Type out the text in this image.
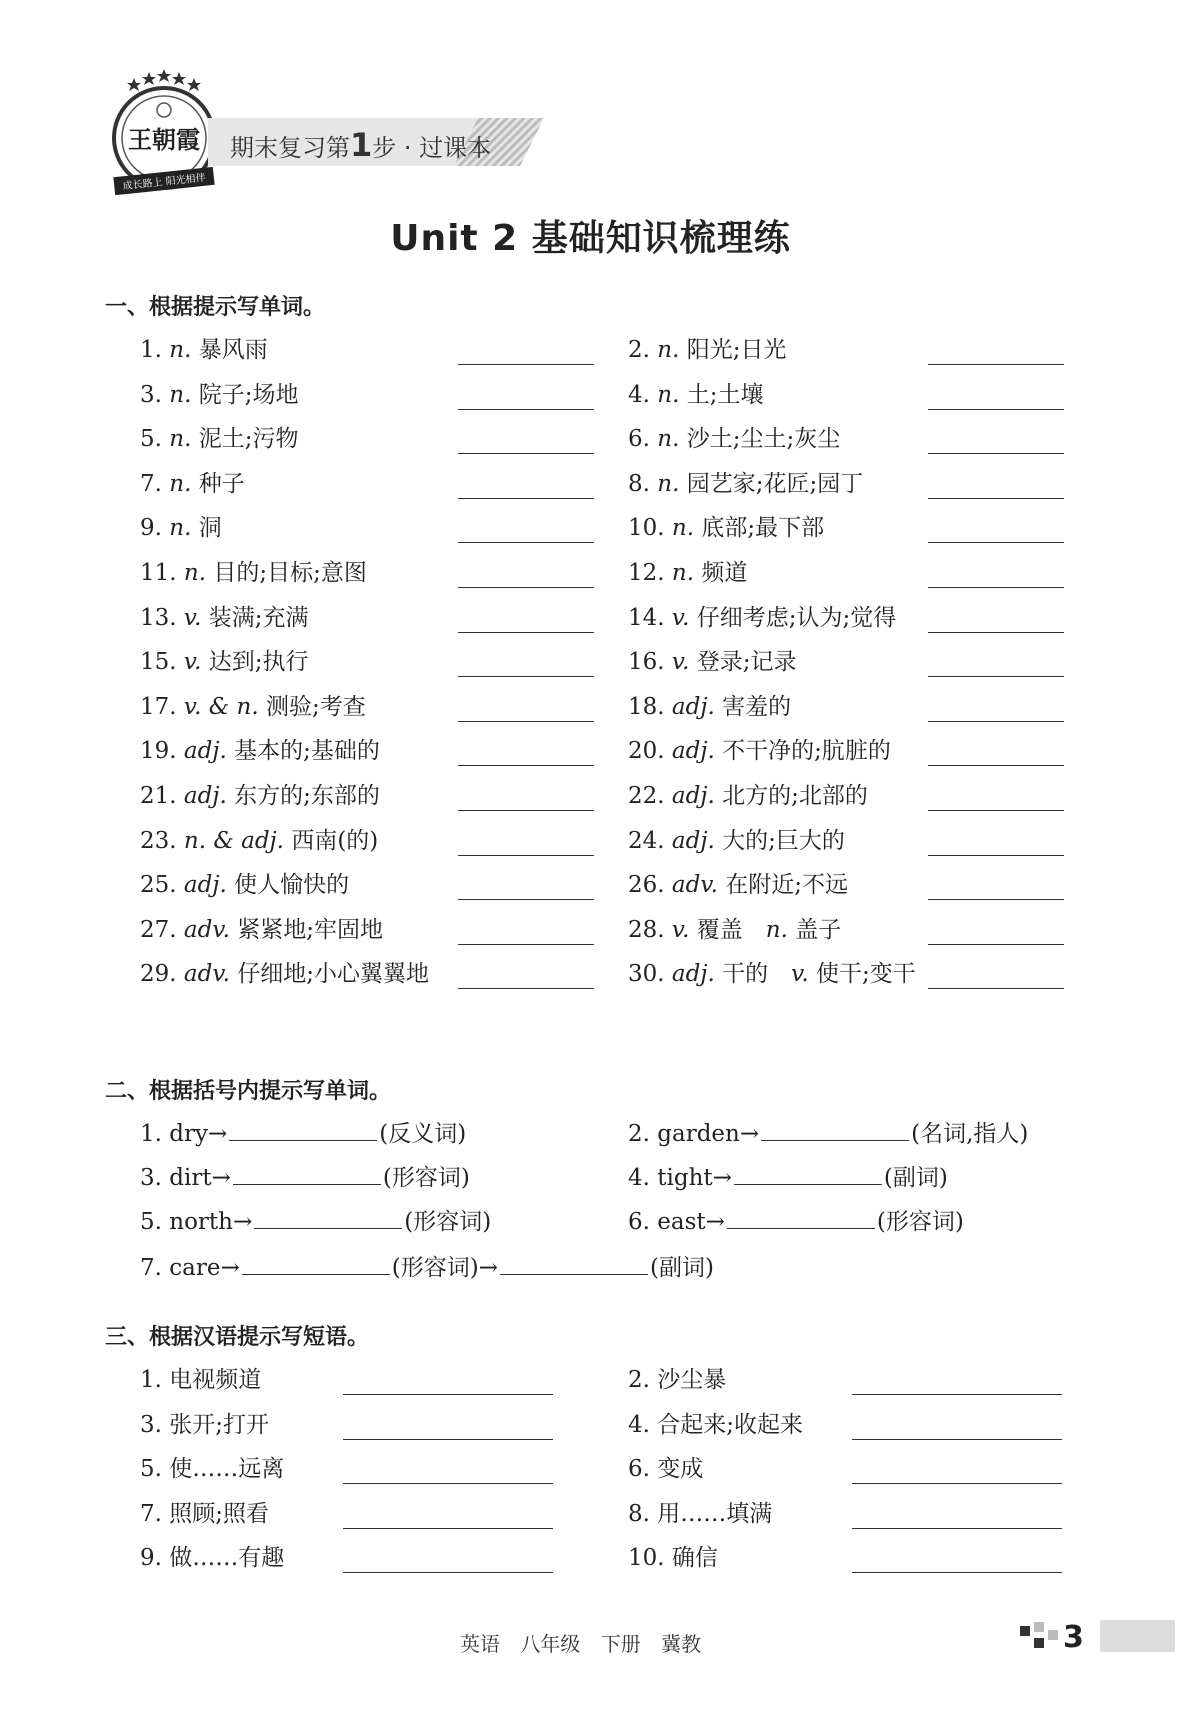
王朝霞
成长路上 阳光相伴
期末复习第1步 · 过课本
Unit 2 基础知识梳理练
一、根据提示写单词。
1. n. 暴风雨	2. n. 阳光;日光
3. n. 院子;场地	4. n. 土;土壤
5. n. 泥土;污物	6. n. 沙土;尘土;灰尘
7. n. 种子	8. n. 园艺家;花匠;园丁
9. n. 洞	10. n. 底部;最下部
11. n. 目的;目标;意图	12. n. 频道
13. v. 装满;充满	14. v. 仔细考虑;认为;觉得
15. v. 达到;执行	16. v. 登录;记录
17. v. & n. 测验;考查	18. adj. 害羞的
19. adj. 基本的;基础的	20. adj. 不干净的;肮脏的
21. adj. 东方的;东部的	22. adj. 北方的;北部的
23. n. & adj. 西南(的)	24. adj. 大的;巨大的
25. adj. 使人愉快的	26. adv. 在附近;不远
27. adv. 紧紧地;牢固地	28. v. 覆盖  n. 盖子
29. adv. 仔细地;小心翼翼地	30. adj. 干的  v. 使干;变干
二、根据括号内提示写单词。
1. dry→	(反义词)	2. garden→	(名词,指人)
3. dirt→	(形容词)	4. tight→	(副词)
5. north→	(形容词)	6. east→	(形容词)
7. care→	(形容词)→	(副词)
三、根据汉语提示写短语。
1. 电视频道	2. 沙尘暴
3. 张开;打开	4. 合起来;收起来
5. 使……远离	6. 变成
7. 照顾;照看	8. 用……填满
9. 做……有趣	10. 确信
英语 八年级 下册 冀教	3
